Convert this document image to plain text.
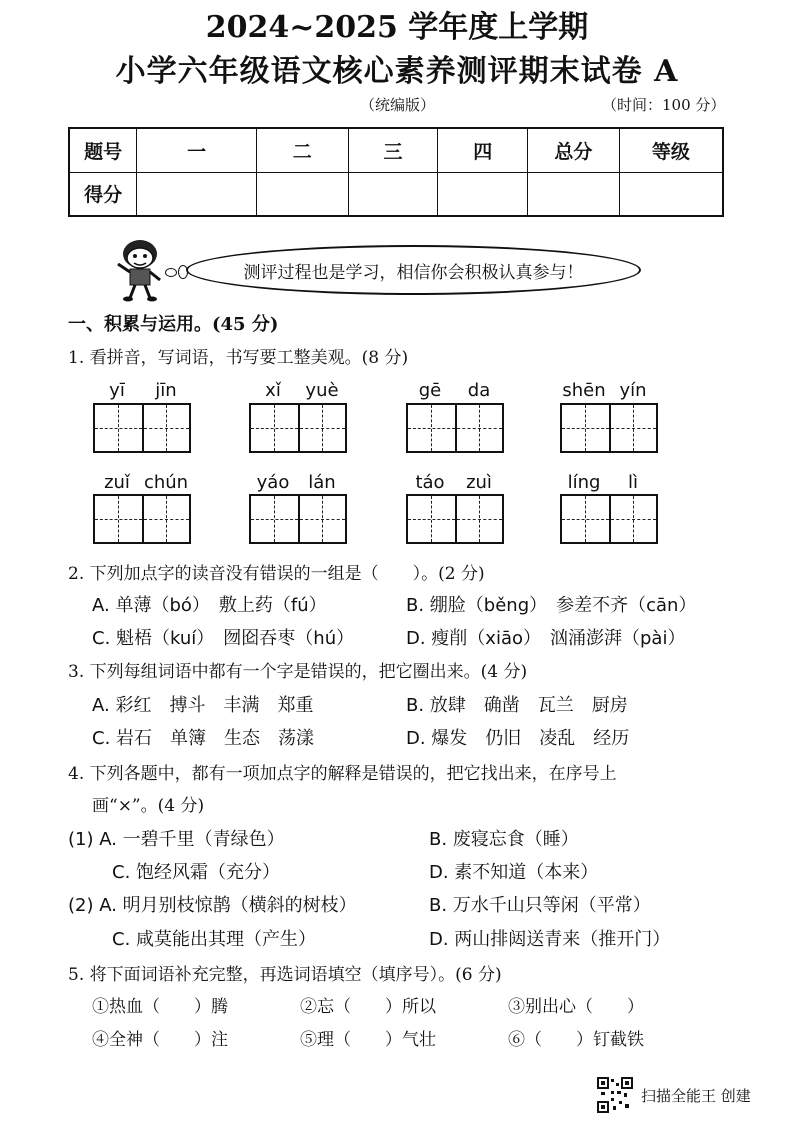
2024~2025 学年度上学期
小学六年级语文核心素养测评期末试卷 A
（统编版）	（时间：100 分）
题号	一	二	三	四	总分	等级
得分						
测评过程也是学习，相信你会积极认真参与！
一、积累与运用。(45 分)
1. 看拼音，写词语，书写要工整美观。(8 分)
yī	jīn	xǐ	yuè	gē	da	shēn yín
zuǐ chún	yáo	lán	táo	zuì	líng	lì
2. 下列加点字的读音没有错误的一组是（　　）。(2 分)
A. 单薄（bó）　敷上药（fú）	B. 绷脸（běng）　参差不齐（cān）
C. 魁梧（kuí）　囫囵吞枣（hú）	D. 瘦削（xiāo）　汹涌澎湃（pài）
3. 下列每组词语中都有一个字是错误的，把它圈出来。(4 分)
A. 彩红　搏斗　丰满　郑重	B. 放肆　确凿　瓦兰　厨房
C. 岩石　单簿　生态　荡漾	D. 爆发　仍旧　凌乱　经历
4. 下列各题中，都有一项加点字的解释是错误的，把它找出来，在序号上
画“×”。(4 分)
(1) A. 一碧千里（青绿色）	B. 废寝忘食（睡）
C. 饱经风霜（充分）	D. 素不知道（本来）
(2) A. 明月别枝惊鹊（横斜的树枝）	B. 万水千山只等闲（平常）
C. 咸莫能出其理（产生）	D. 两山排闼送青来（推开门）
5. 将下面词语补充完整，再选词语填空（填序号）。(6 分)
①热血（　　）腾	②忘（　　）所以	③别出心（　　）
④全神（　　）注	⑤理（　　）气壮	⑥（　　）钉截铁
扫描全能王 创建
